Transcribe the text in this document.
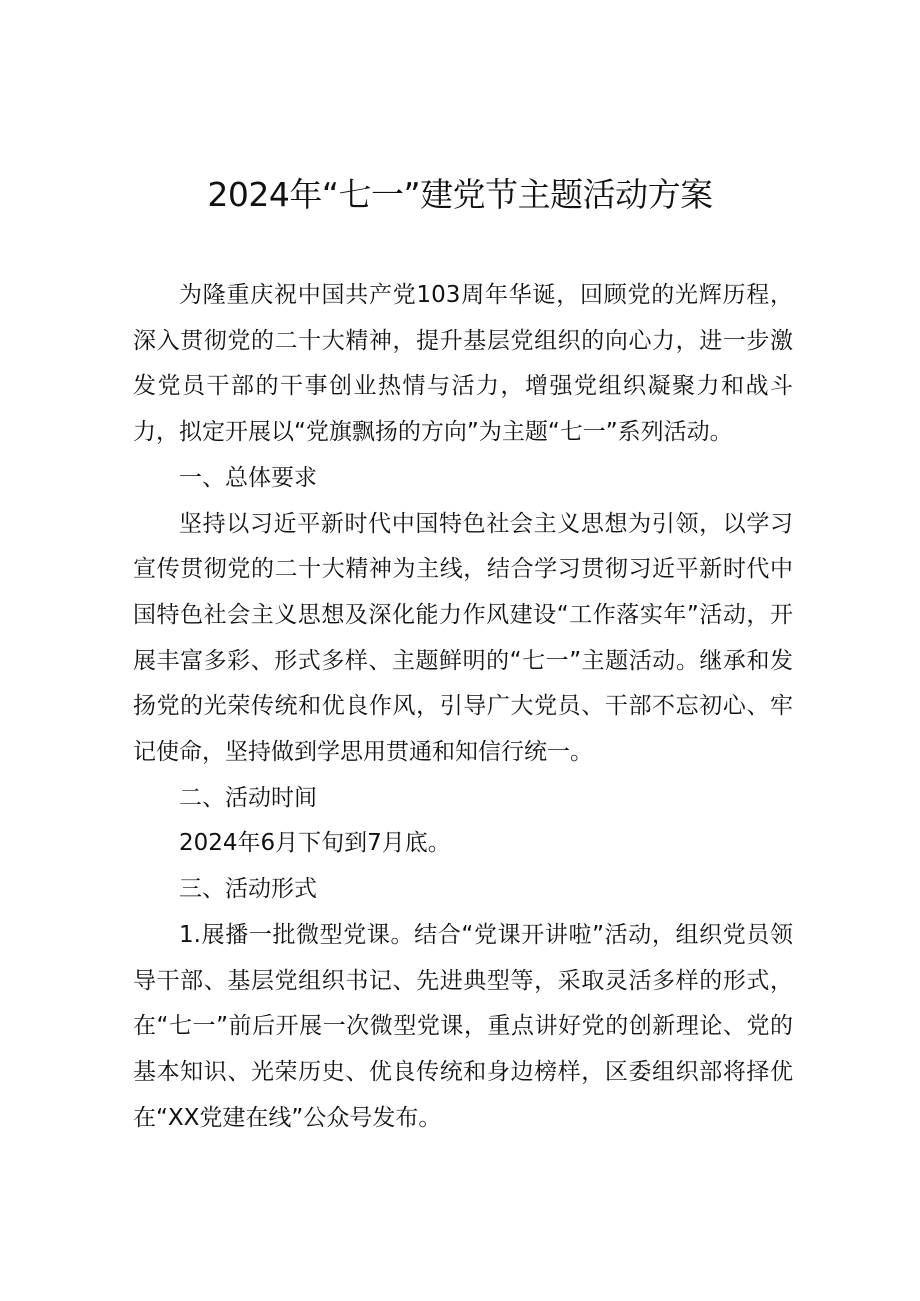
2024年“七一”建党节主题活动方案

为隆重庆祝中国共产党103周年华诞，回顾党的光辉历程，深入贯彻党的二十大精神，提升基层党组织的向心力，进一步激发党员干部的干事创业热情与活力，增强党组织凝聚力和战斗力，拟定开展以“党旗飘扬的方向”为主题“七一”系列活动。

一、总体要求

坚持以习近平新时代中国特色社会主义思想为引领，以学习宣传贯彻党的二十大精神为主线，结合学习贯彻习近平新时代中国特色社会主义思想及深化能力作风建设“工作落实年”活动，开展丰富多彩、形式多样、主题鲜明的“七一”主题活动。继承和发扬党的光荣传统和优良作风，引导广大党员、干部不忘初心、牢记使命，坚持做到学思用贯通和知信行统一。

二、活动时间

2024年6月下旬到7月底。

三、活动形式

1.展播一批微型党课。结合“党课开讲啦”活动，组织党员领导干部、基层党组织书记、先进典型等，采取灵活多样的形式，在“七一”前后开展一次微型党课，重点讲好党的创新理论、党的基本知识、光荣历史、优良传统和身边榜样，区委组织部将择优在“XX党建在线”公众号发布。
